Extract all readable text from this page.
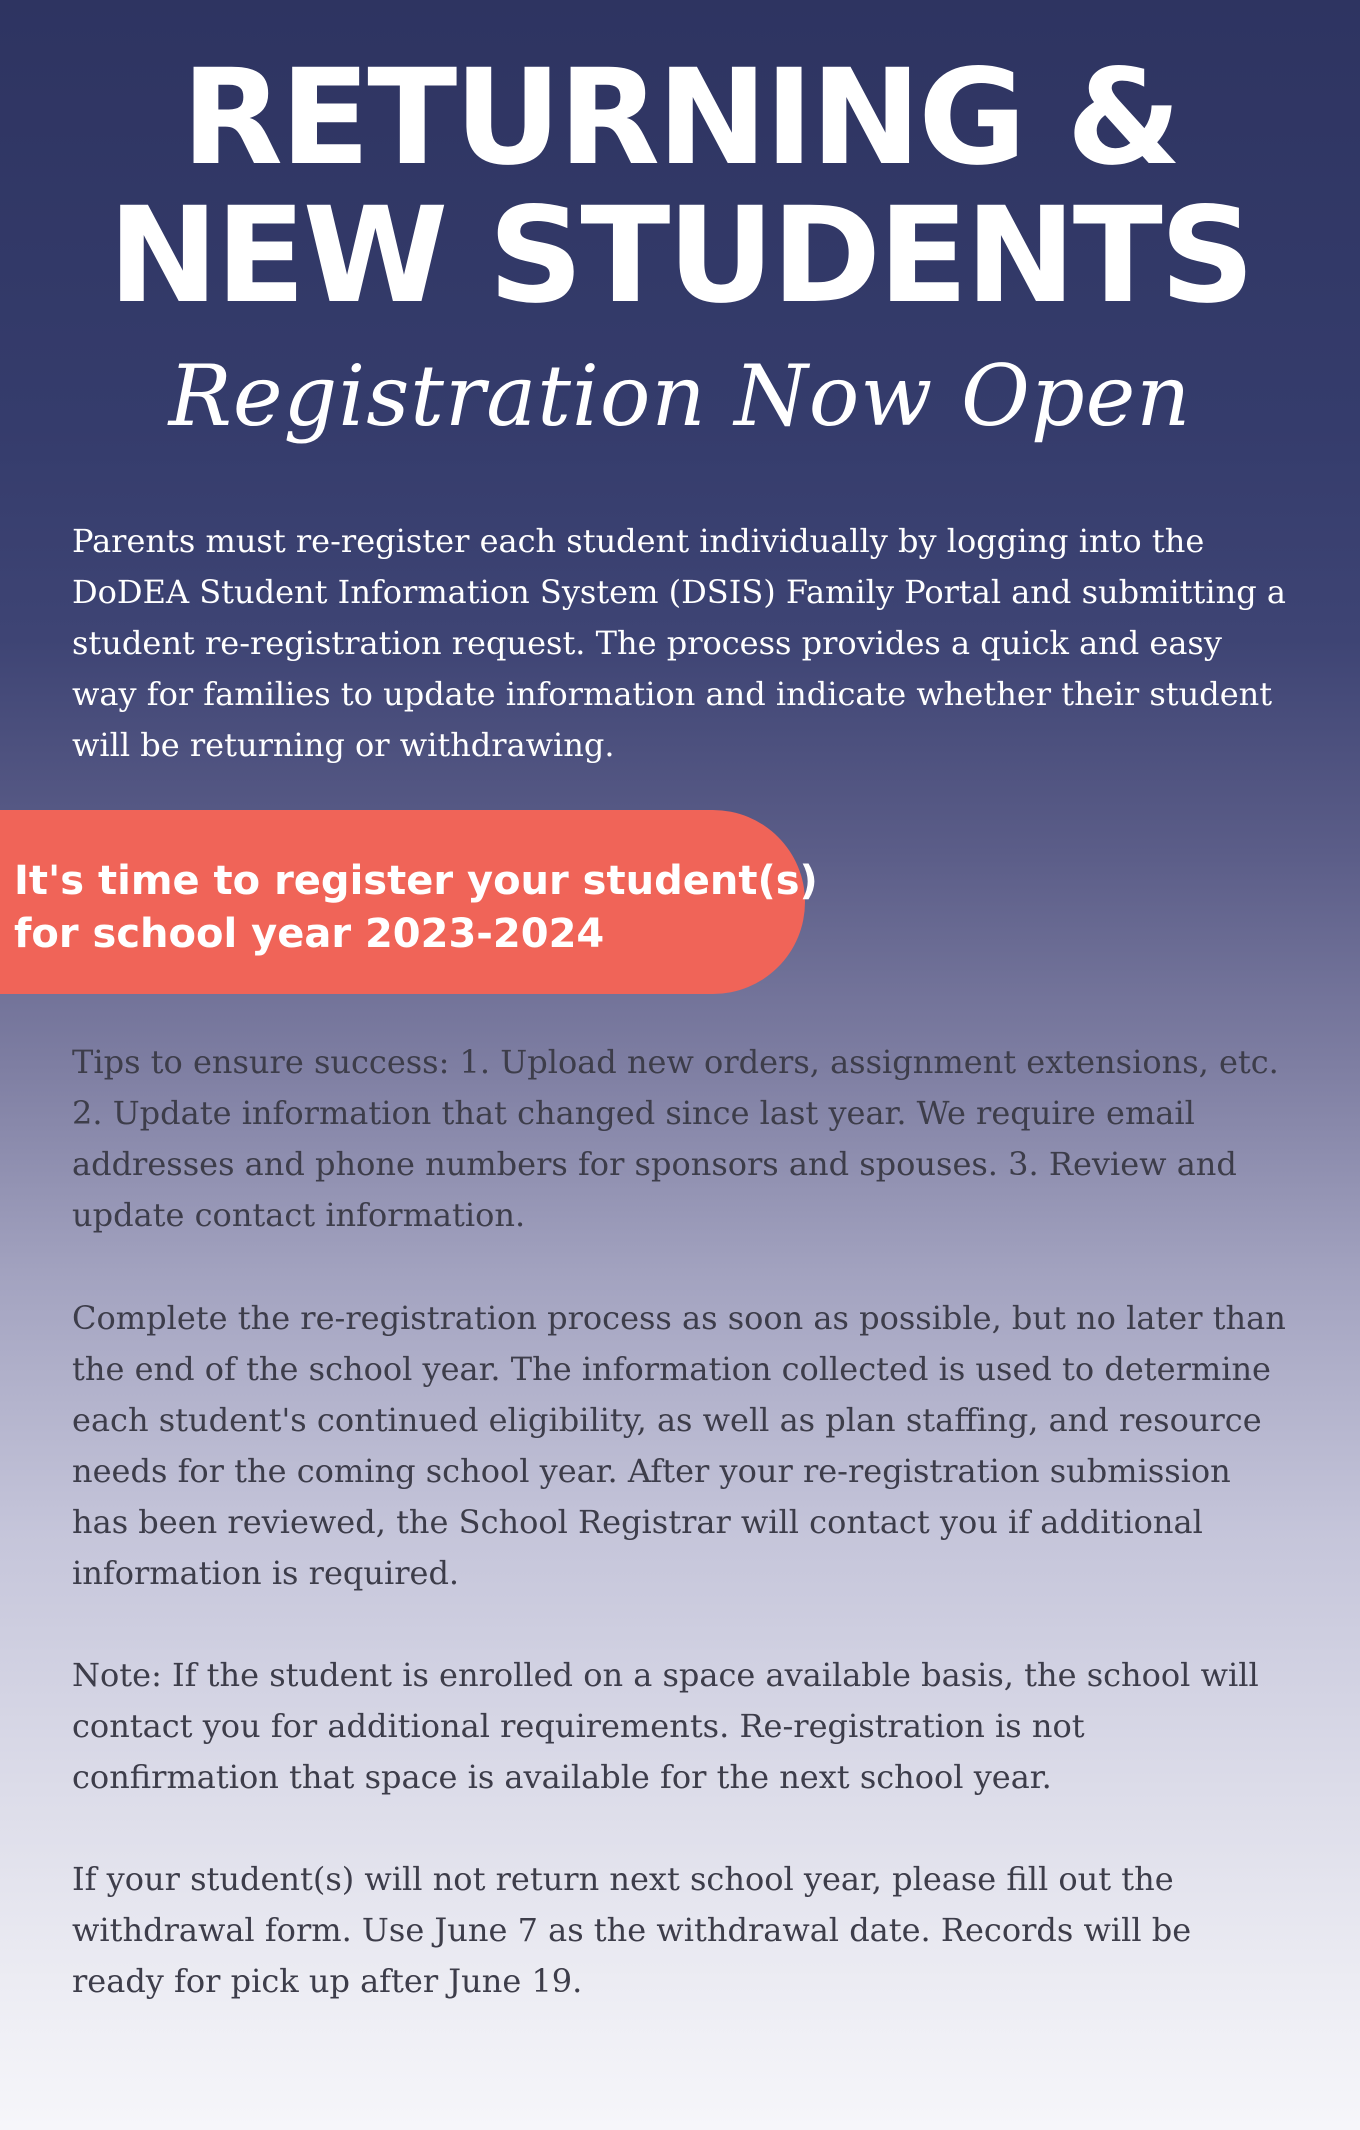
RETURNING &
NEW STUDENTS
Registration Now Open

Parents must re-register each student individually by logging into the DoDEA Student Information System (DSIS) Family Portal and submitting a student re-registration request. The process provides a quick and easy way for families to update information and indicate whether their student will be returning or withdrawing.

It's time to register your student(s)
for school year 2023-2024

Tips to ensure success: 1. Upload new orders, assignment extensions, etc. 2. Update information that changed since last year. We require email addresses and phone numbers for sponsors and spouses. 3. Review and update contact information.

Complete the re-registration process as soon as possible, but no later than the end of the school year. The information collected is used to determine each student's continued eligibility, as well as plan staffing, and resource needs for the coming school year. After your re-registration submission has been reviewed, the School Registrar will contact you if additional information is required.

Note: If the student is enrolled on a space available basis, the school will contact you for additional requirements. Re-registration is not confirmation that space is available for the next school year.

If your student(s) will not return next school year, please fill out the withdrawal form. Use June 7 as the withdrawal date. Records will be ready for pick up after June 19.
